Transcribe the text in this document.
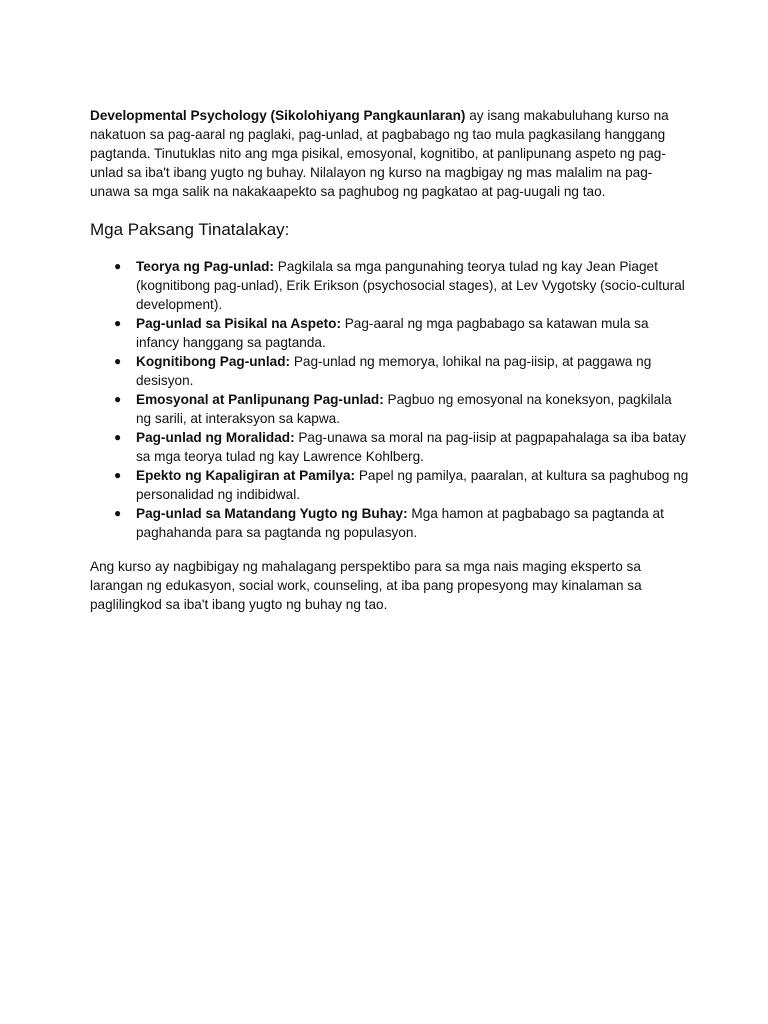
Developmental Psychology (Sikolohiyang Pangkaunlaran) ay isang makabuluhang kurso na nakatuon sa pag-aaral ng paglaki, pag-unlad, at pagbabago ng tao mula pagkasilang hanggang pagtanda. Tinutuklas nito ang mga pisikal, emosyonal, kognitibo, at panlipunang aspeto ng pag-unlad sa iba't ibang yugto ng buhay. Nilalayon ng kurso na magbigay ng mas malalim na pag-unawa sa mga salik na nakakaapekto sa paghubog ng pagkatao at pag-uugali ng tao.

Mga Paksang Tinatalakay:
● Teorya ng Pag-unlad: Pagkilala sa mga pangunahing teorya tulad ng kay Jean Piaget (kognitibong pag-unlad), Erik Erikson (psychosocial stages), at Lev Vygotsky (socio-cultural development).
● Pag-unlad sa Pisikal na Aspeto: Pag-aaral ng mga pagbabago sa katawan mula sa infancy hanggang sa pagtanda.
● Kognitibong Pag-unlad: Pag-unlad ng memorya, lohikal na pag-iisip, at paggawa ng desisyon.
● Emosyonal at Panlipunang Pag-unlad: Pagbuo ng emosyonal na koneksyon, pagkilala ng sarili, at interaksyon sa kapwa.
● Pag-unlad ng Moralidad: Pag-unawa sa moral na pag-iisip at pagpapahalaga sa iba batay sa mga teorya tulad ng kay Lawrence Kohlberg.
● Epekto ng Kapaligiran at Pamilya: Papel ng pamilya, paaralan, at kultura sa paghubog ng personalidad ng indibidwal.
● Pag-unlad sa Matandang Yugto ng Buhay: Mga hamon at pagbabago sa pagtanda at paghahanda para sa pagtanda ng populasyon.

Ang kurso ay nagbibigay ng mahalagang perspektibo para sa mga nais maging eksperto sa larangan ng edukasyon, social work, counseling, at iba pang propesyong may kinalaman sa paglilingkod sa iba't ibang yugto ng buhay ng tao.
